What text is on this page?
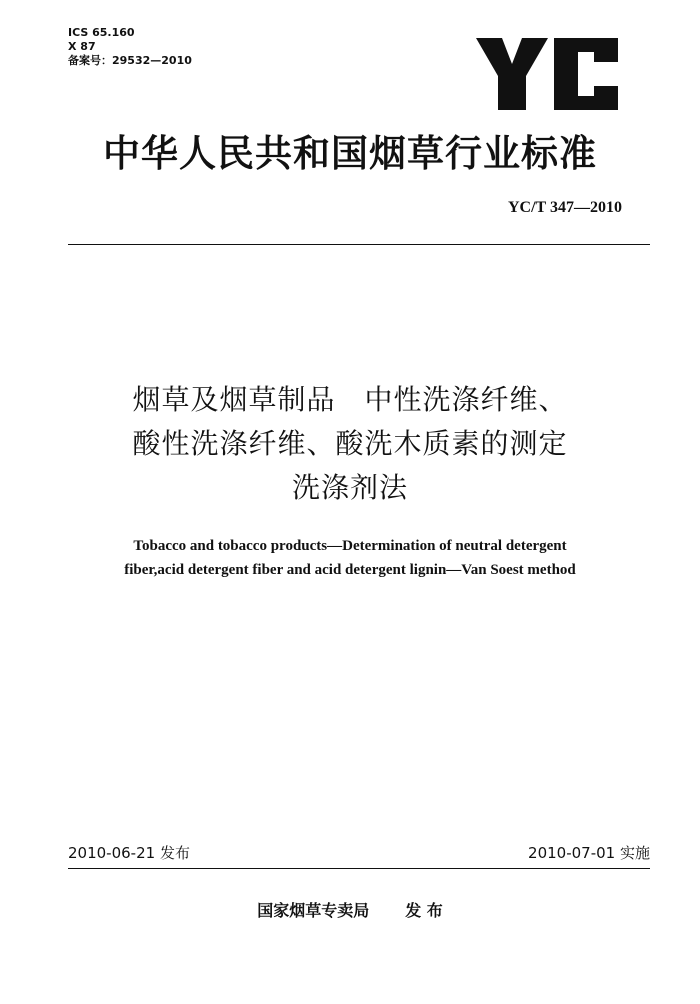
ICS 65.160
X 87
备案号：29532—2010
中华人民共和国烟草行业标准
YC/T 347—2010
烟草及烟草制品　中性洗涤纤维、
酸性洗涤纤维、酸洗木质素的测定
洗涤剂法
Tobacco and tobacco products—Determination of neutral detergent
fiber,acid detergent fiber and acid detergent lignin—Van Soest method
2010-06-21 发布	2010-07-01 实施
国家烟草专卖局 发 布
